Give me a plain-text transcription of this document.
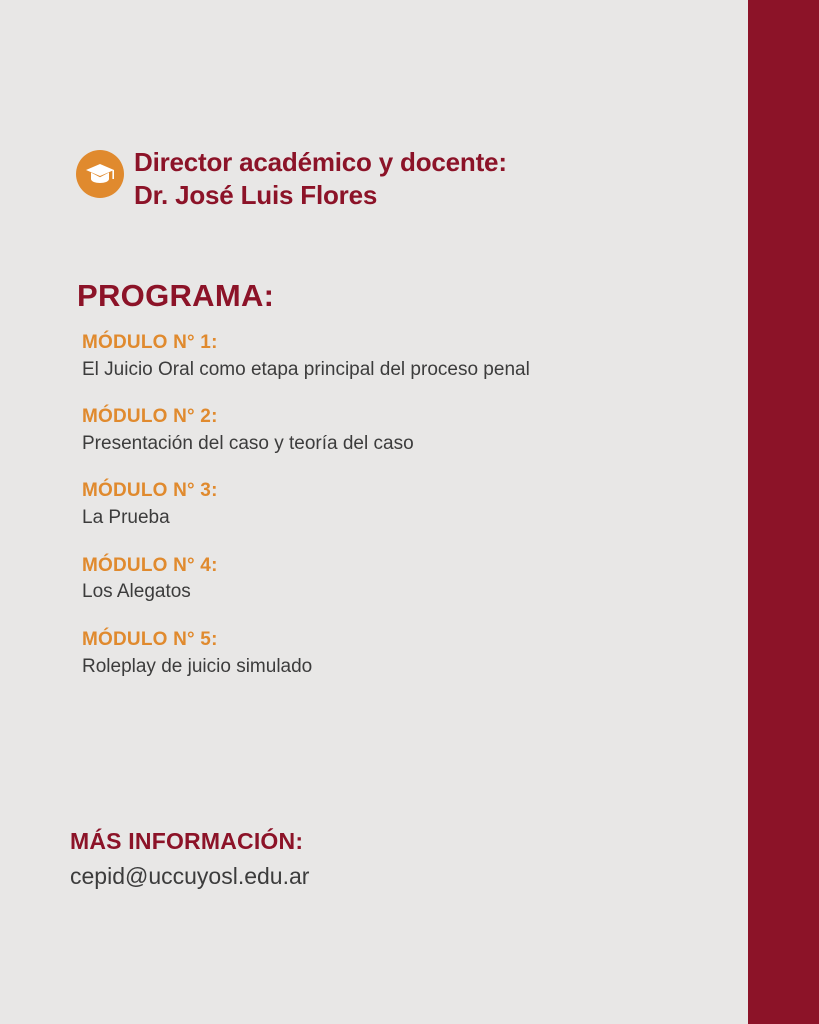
Director académico y docente:
Dr. José Luis Flores
PROGRAMA:
MÓDULO N° 1:
El Juicio Oral como etapa principal del proceso penal
MÓDULO N° 2:
Presentación del caso y teoría del caso
MÓDULO N° 3:
La Prueba
MÓDULO N° 4:
Los Alegatos
MÓDULO N° 5:
Roleplay de juicio simulado
MÁS INFORMACIÓN:
cepid@uccuyosl.edu.ar
